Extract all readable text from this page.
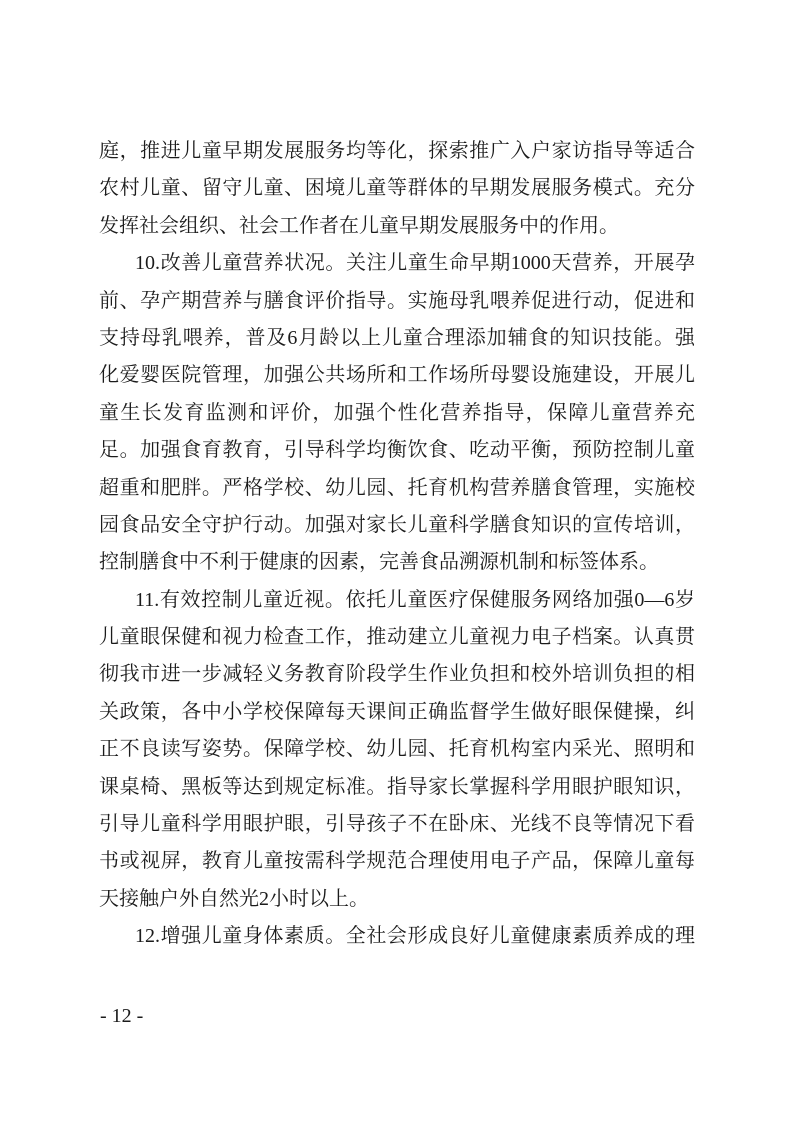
庭，推进儿童早期发展服务均等化，探索推广入户家访指导等适合
农村儿童、留守儿童、困境儿童等群体的早期发展服务模式。充分
发挥社会组织、社会工作者在儿童早期发展服务中的作用。
10.改善儿童营养状况。关注儿童生命早期1000天营养，开展孕
前、孕产期营养与膳食评价指导。实施母乳喂养促进行动，促进和
支持母乳喂养，普及6月龄以上儿童合理添加辅食的知识技能。强
化爱婴医院管理，加强公共场所和工作场所母婴设施建设，开展儿
童生长发育监测和评价，加强个性化营养指导，保障儿童营养充
足。加强食育教育，引导科学均衡饮食、吃动平衡，预防控制儿童
超重和肥胖。严格学校、幼儿园、托育机构营养膳食管理，实施校
园食品安全守护行动。加强对家长儿童科学膳食知识的宣传培训，
控制膳食中不利于健康的因素，完善食品溯源机制和标签体系。
11.有效控制儿童近视。依托儿童医疗保健服务网络加强0—6岁
儿童眼保健和视力检查工作，推动建立儿童视力电子档案。认真贯
彻我市进一步减轻义务教育阶段学生作业负担和校外培训负担的相
关政策，各中小学校保障每天课间正确监督学生做好眼保健操，纠
正不良读写姿势。保障学校、幼儿园、托育机构室内采光、照明和
课桌椅、黑板等达到规定标准。指导家长掌握科学用眼护眼知识，
引导儿童科学用眼护眼，引导孩子不在卧床、光线不良等情况下看
书或视屏，教育儿童按需科学规范合理使用电子产品，保障儿童每
天接触户外自然光2小时以上。
12.增强儿童身体素质。全社会形成良好儿童健康素质养成的理
- 12 -
